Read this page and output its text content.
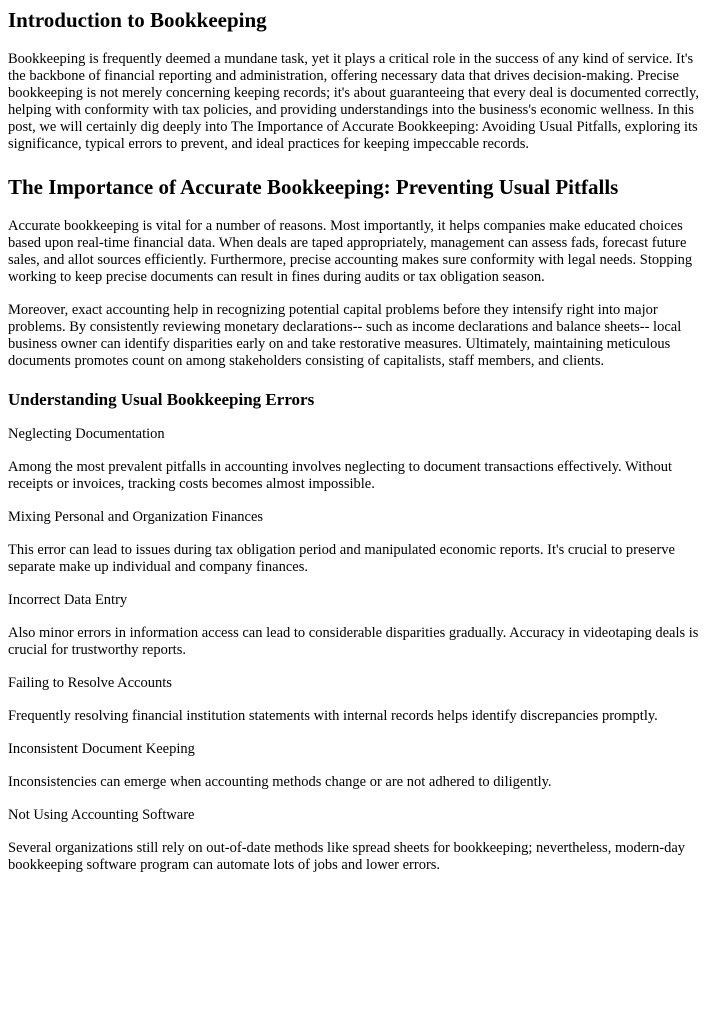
Introduction to Bookkeeping

Bookkeeping is frequently deemed a mundane task, yet it plays a critical role in the success of any kind of service. It's the backbone of financial reporting and administration, offering necessary data that drives decision-making. Precise bookkeeping is not merely concerning keeping records; it's about guaranteeing that every deal is documented correctly, helping with conformity with tax policies, and providing understandings into the business's economic wellness. In this post, we will certainly dig deeply into The Importance of Accurate Bookkeeping: Avoiding Usual Pitfalls, exploring its significance, typical errors to prevent, and ideal practices for keeping impeccable records.

The Importance of Accurate Bookkeeping: Preventing Usual Pitfalls

Accurate bookkeeping is vital for a number of reasons. Most importantly, it helps companies make educated choices based upon real-time financial data. When deals are taped appropriately, management can assess fads, forecast future sales, and allot sources efficiently. Furthermore, precise accounting makes sure conformity with legal needs. Stopping working to keep precise documents can result in fines during audits or tax obligation season.

Moreover, exact accounting help in recognizing potential capital problems before they intensify right into major problems. By consistently reviewing monetary declarations-- such as income declarations and balance sheets-- local business owner can identify disparities early on and take restorative measures. Ultimately, maintaining meticulous documents promotes count on among stakeholders consisting of capitalists, staff members, and clients.

Understanding Usual Bookkeeping Errors

Neglecting Documentation

Among the most prevalent pitfalls in accounting involves neglecting to document transactions effectively. Without receipts or invoices, tracking costs becomes almost impossible.

Mixing Personal and Organization Finances

This error can lead to issues during tax obligation period and manipulated economic reports. It's crucial to preserve separate make up individual and company finances.

Incorrect Data Entry

Also minor errors in information access can lead to considerable disparities gradually. Accuracy in videotaping deals is crucial for trustworthy reports.

Failing to Resolve Accounts

Frequently resolving financial institution statements with internal records helps identify discrepancies promptly.

Inconsistent Document Keeping

Inconsistencies can emerge when accounting methods change or are not adhered to diligently.

Not Using Accounting Software

Several organizations still rely on out-of-date methods like spread sheets for bookkeeping; nevertheless, modern-day bookkeeping software program can automate lots of jobs and lower errors.
